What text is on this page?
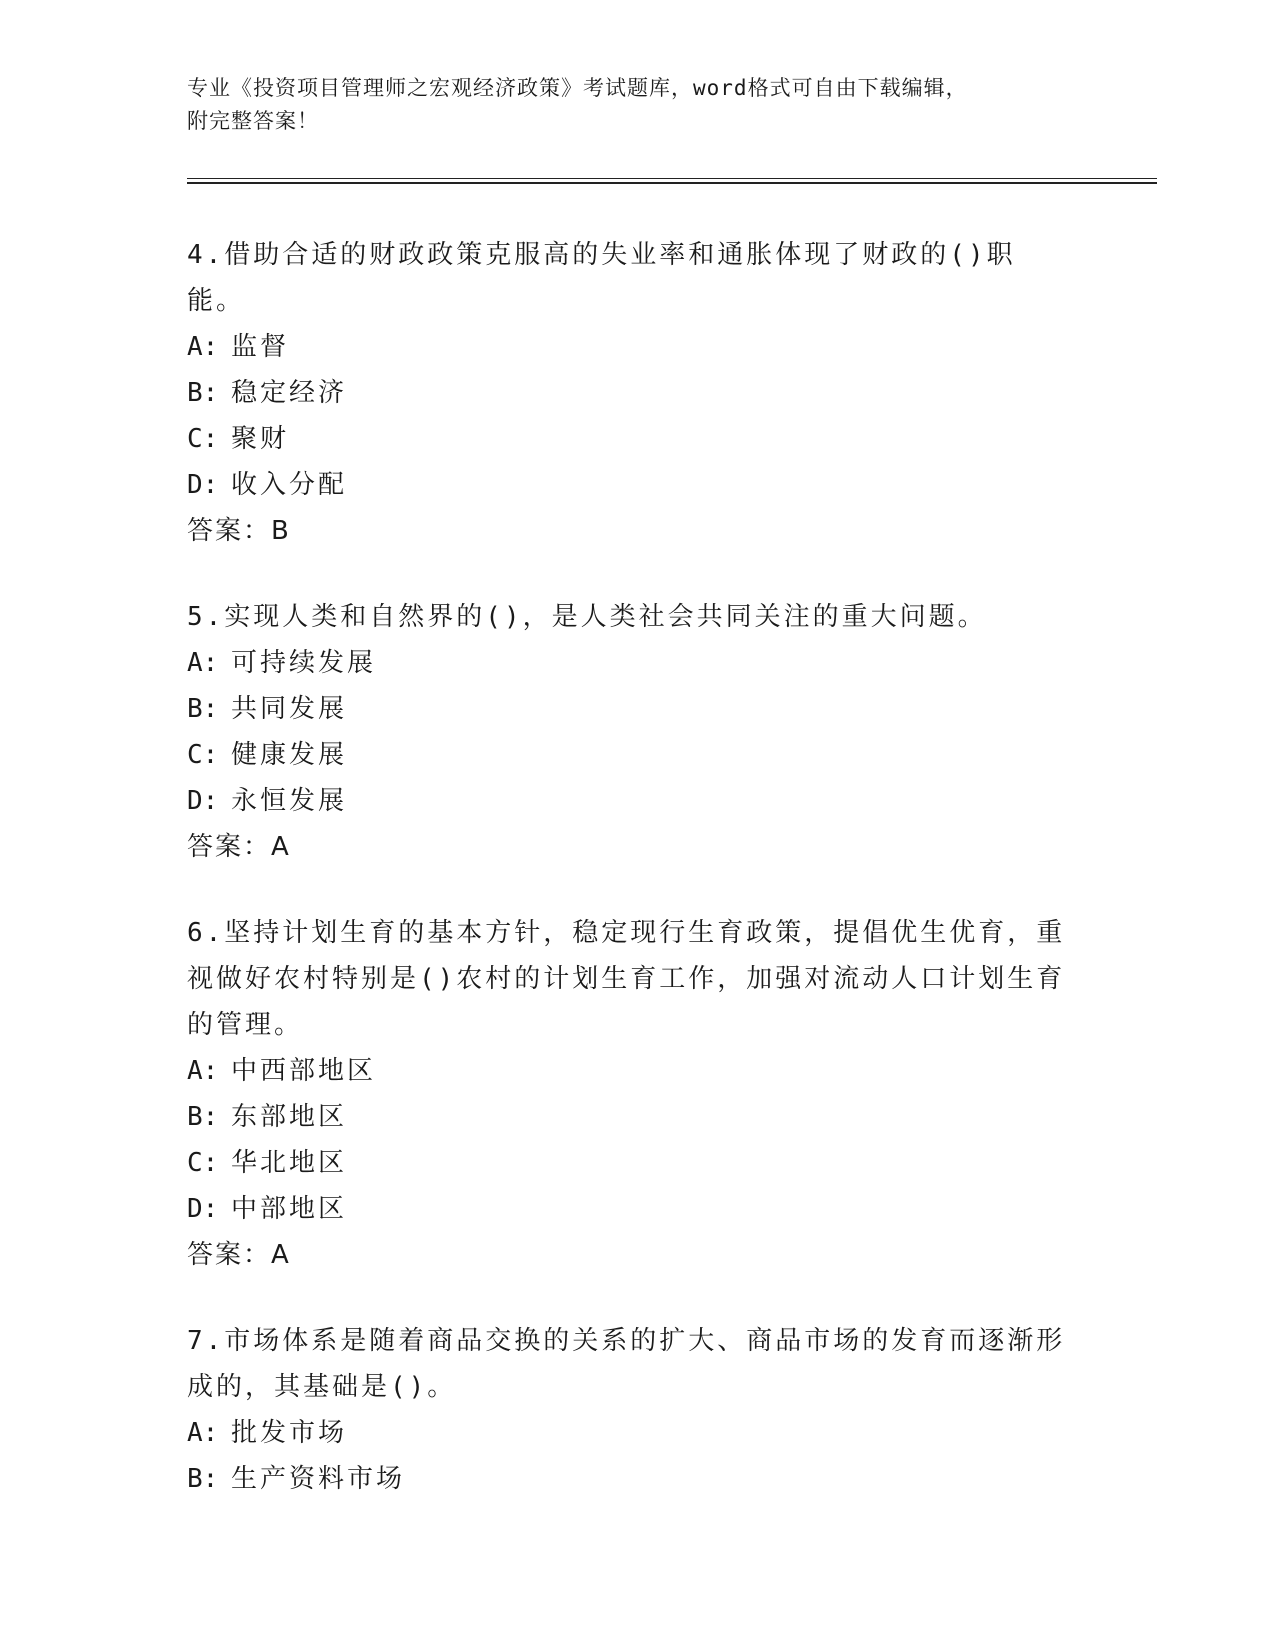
专业《投资项目管理师之宏观经济政策》考试题库，word格式可自由下载编辑，
附完整答案！

4.借助合适的财政政策克服高的失业率和通胀体现了财政的()职能。

A: 监督

B: 稳定经济

C: 聚财

D: 收入分配

答案：B

5.实现人类和自然界的()，是人类社会共同关注的重大问题。

A: 可持续发展

B: 共同发展

C: 健康发展

D: 永恒发展

答案：A

6.坚持计划生育的基本方针，稳定现行生育政策，提倡优生优育，重视做好农村特别是()农村的计划生育工作，加强对流动人口计划生育的管理。

A: 中西部地区

B: 东部地区

C: 华北地区

D: 中部地区

答案：A

7.市场体系是随着商品交换的关系的扩大、商品市场的发育而逐渐形成的，其基础是()。

A: 批发市场

B: 生产资料市场
